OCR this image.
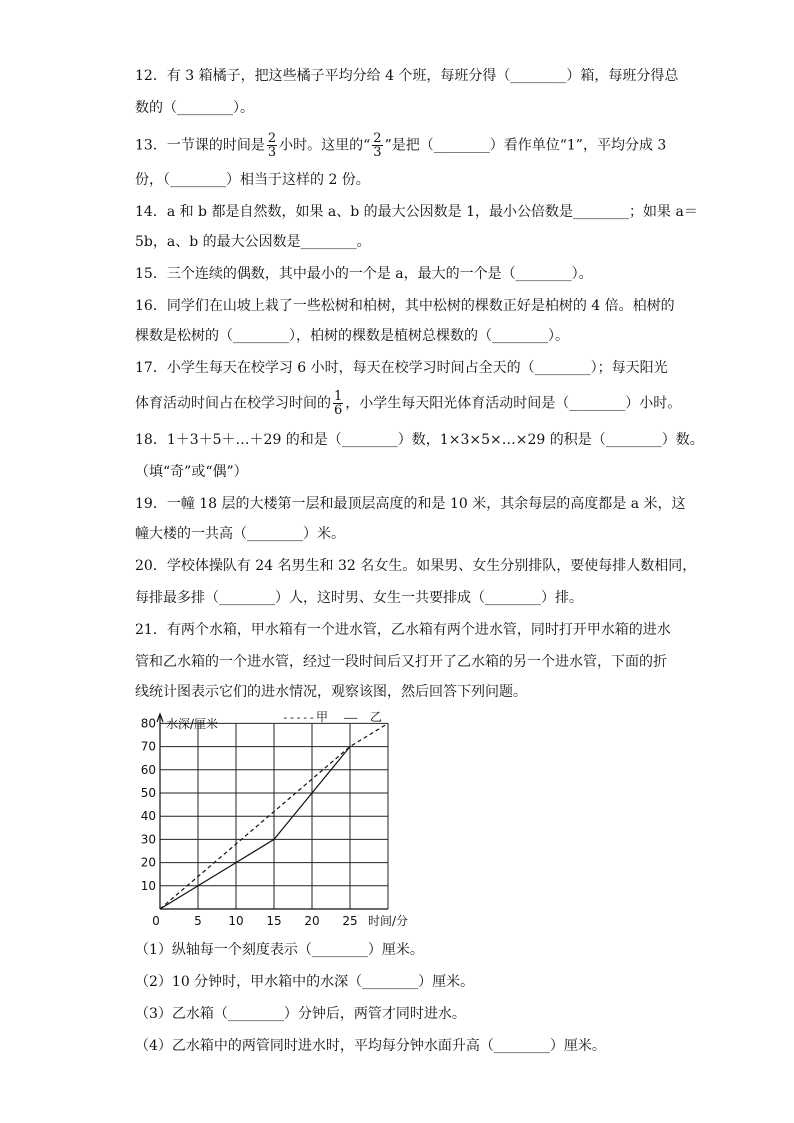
12．有 3 箱橘子，把这些橘子平均分给 4 个班，每班分得（________）箱，每班分得总
数的（________）。
13．一节课的时间是 $\frac{2}{3}$ 小时。这里的“ $\frac{2}{3}$ ”是把（________）看作单位“1”，平均分成 3
份，（________）相当于这样的 2 份。
14．a 和 b 都是自然数，如果 a、b 的最大公因数是 1，最小公倍数是________；如果 a＝
5b，a、b 的最大公因数是________。
15．三个连续的偶数，其中最小的一个是 a，最大的一个是（________）。
16．同学们在山坡上栽了一些松树和柏树，其中松树的棵数正好是柏树的 4 倍。柏树的
棵数是松树的（________），柏树的棵数是植树总棵数的（________）。
17．小学生每天在校学习 6 小时，每天在校学习时间占全天的（________）；每天阳光
体育活动时间占在校学习时间的 $\frac{1}{6}$ ，小学生每天阳光体育活动时间是（________）小时。
18．1＋3＋5＋…＋29 的和是（________）数，1×3×5×…×29 的积是（________）数。
（填“奇”或“偶”）
19．一幢 18 层的大楼第一层和最顶层高度的和是 10 米，其余每层的高度都是 a 米，这
幢大楼的一共高（________）米。
20．学校体操队有 24 名男生和 32 名女生。如果男、女生分别排队，要使每排人数相同，
每排最多排（________）人，这时男、女生一共要排成（________）排。
21．有两个水箱，甲水箱有一个进水管，乙水箱有两个进水管，同时打开甲水箱的进水
管和乙水箱的一个进水管，经过一段时间后又打开了乙水箱的另一个进水管，下面的折
线统计图表示它们的进水情况，观察该图，然后回答下列问题。
水深/厘米
时间/分
0	5 10 15 20 25
10
20
30
40
50
60
70
80	----- 甲 —— 乙
（1）纵轴每一个刻度表示（________）厘米。
（2）10 分钟时，甲水箱中的水深（________）厘米。
（3）乙水箱（________）分钟后，两管才同时进水。
（4）乙水箱中的两管同时进水时，平均每分钟水面升高（________）厘米。
